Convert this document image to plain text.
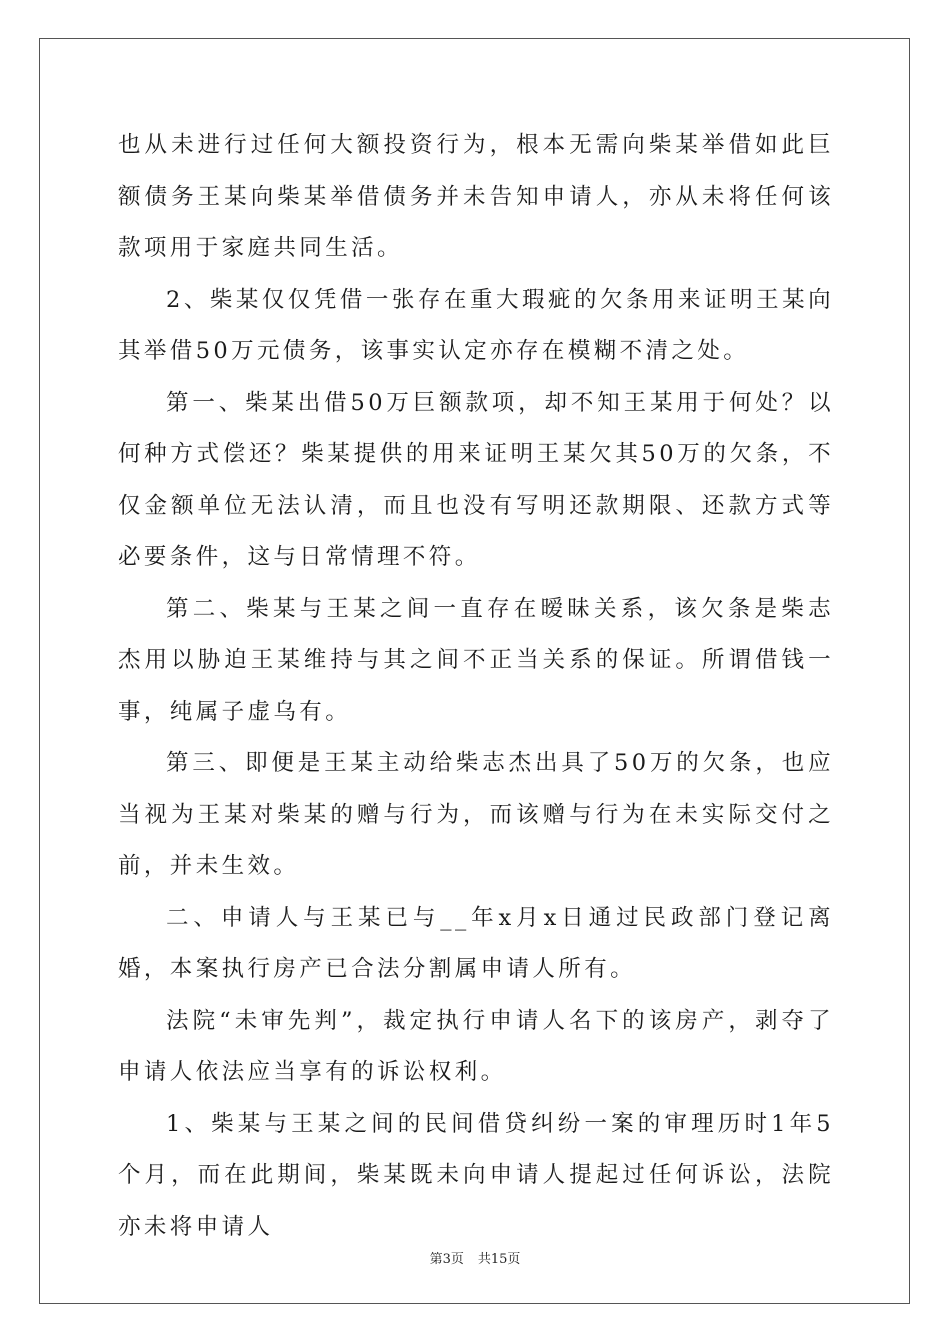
也从未进行过任何大额投资行为，根本无需向柴某举借如此巨额债务王某向柴某举借债务并未告知申请人，亦从未将任何该款项用于家庭共同生活。

2、柴某仅仅凭借一张存在重大瑕疵的欠条用来证明王某向其举借50万元债务，该事实认定亦存在模糊不清之处。

第一、柴某出借50万巨额款项，却不知王某用于何处？以何种方式偿还？柴某提供的用来证明王某欠其50万的欠条，不仅金额单位无法认清，而且也没有写明还款期限、还款方式等必要条件，这与日常情理不符。

第二、柴某与王某之间一直存在暧昧关系，该欠条是柴志杰用以胁迫王某维持与其之间不正当关系的保证。所谓借钱一事，纯属子虚乌有。

第三、即便是王某主动给柴志杰出具了50万的欠条，也应当视为王某对柴某的赠与行为，而该赠与行为在未实际交付之前，并未生效。

二、申请人与王某已与__年x月x日通过民政部门登记离婚，本案执行房产已合法分割属申请人所有。

法院“未审先判”，裁定执行申请人名下的该房产，剥夺了申请人依法应当享有的诉讼权利。

1、柴某与王某之间的民间借贷纠纷一案的审理历时1年5个月，而在此期间，柴某既未向申请人提起过任何诉讼，法院亦未将申请人

第3页 共15页
